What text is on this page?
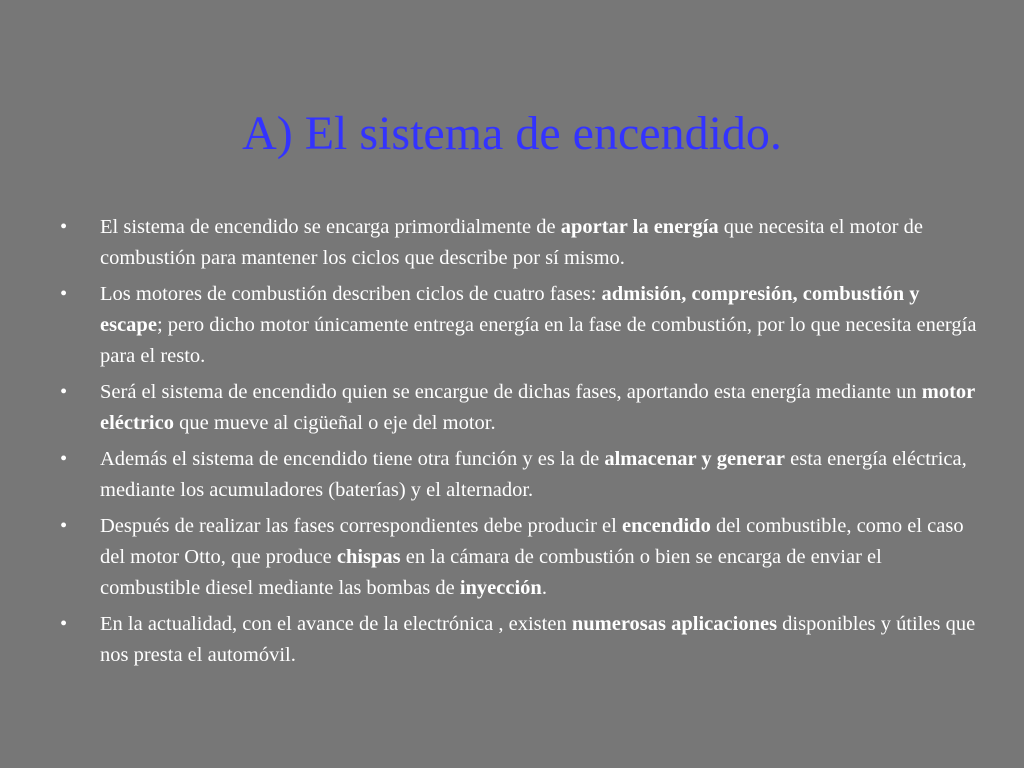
A) El sistema de encendido.
• El sistema de encendido se encarga primordialmente de aportar la energía que necesita el motor de combustión para mantener los ciclos que describe por sí mismo.
• Los motores de combustión describen ciclos de cuatro fases: admisión, compresión, combustión y escape; pero dicho motor únicamente entrega energía en la fase de combustión, por lo que necesita energía para el resto.
• Será el sistema de encendido quien se encargue de dichas fases, aportando esta energía mediante un motor eléctrico que mueve al cigüeñal o eje del motor.
• Además el sistema de encendido tiene otra función y es la de almacenar y generar esta energía eléctrica, mediante los acumuladores (baterías) y el alternador.
• Después de realizar las fases correspondientes debe producir el encendido del combustible, como el caso del motor Otto, que produce chispas en la cámara de combustión o bien se encarga de enviar el combustible diesel mediante las bombas de inyección.
• En la actualidad, con el avance de la electrónica , existen numerosas aplicaciones disponibles y útiles que nos presta el automóvil.
